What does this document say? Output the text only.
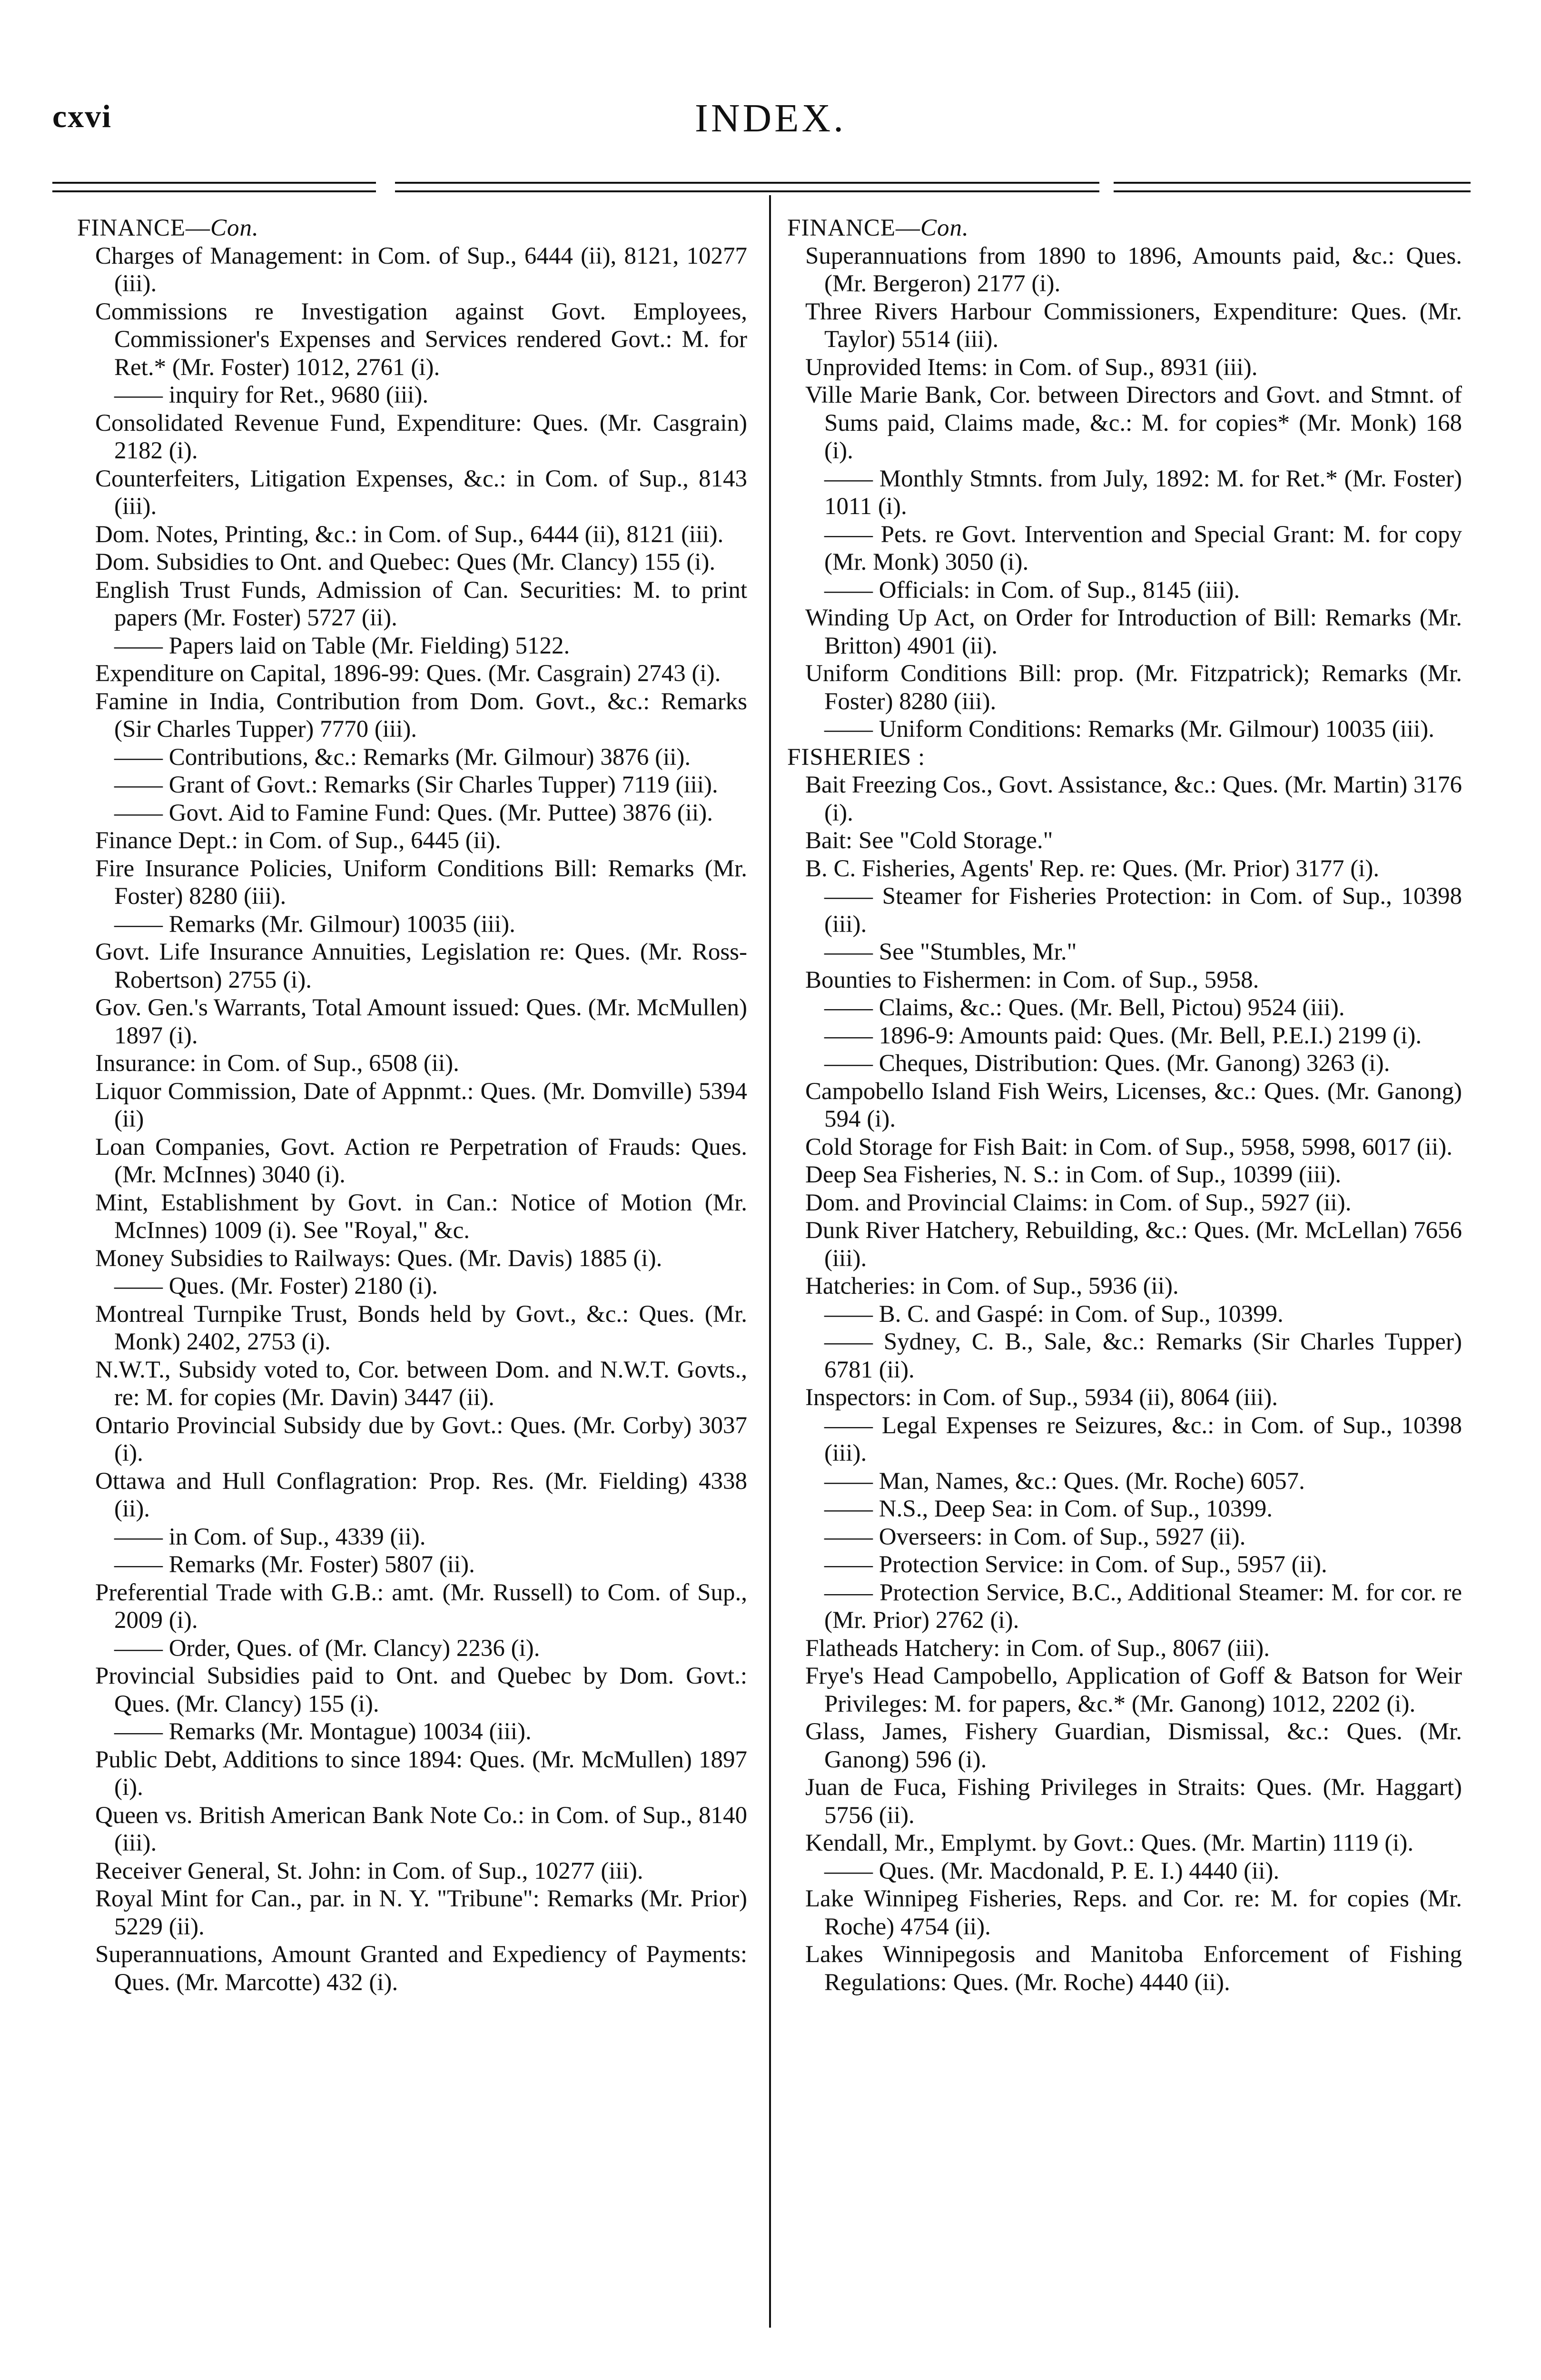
cxvi	INDEX.
FINANCE—Con.
Charges of Management: in Com. of Sup., 6444 (ii), 8121, 10277 (iii).
Commissions re Investigation against Govt. Employees, Commissioner's Expenses and Services rendered Govt.: M. for Ret.* (Mr. Foster) 1012, 2761 (i).
—— inquiry for Ret., 9680 (iii).
Consolidated Revenue Fund, Expenditure: Ques. (Mr. Casgrain) 2182 (i).
Counterfeiters, Litigation Expenses, &c.: in Com. of Sup., 8143 (iii).
Dom. Notes, Printing, &c.: in Com. of Sup., 6444 (ii), 8121 (iii).
Dom. Subsidies to Ont. and Quebec: Ques (Mr. Clancy) 155 (i).
English Trust Funds, Admission of Can. Securities: M. to print papers (Mr. Foster) 5727 (ii).
—— Papers laid on Table (Mr. Fielding) 5122.
Expenditure on Capital, 1896-99: Ques. (Mr. Casgrain) 2743 (i).
Famine in India, Contribution from Dom. Govt., &c.: Remarks (Sir Charles Tupper) 7770 (iii).
—— Contributions, &c.: Remarks (Mr. Gilmour) 3876 (ii).
—— Grant of Govt.: Remarks (Sir Charles Tupper) 7119 (iii).
—— Govt. Aid to Famine Fund: Ques. (Mr. Puttee) 3876 (ii).
Finance Dept.: in Com. of Sup., 6445 (ii).
Fire Insurance Policies, Uniform Conditions Bill: Remarks (Mr. Foster) 8280 (iii).
—— Remarks (Mr. Gilmour) 10035 (iii).
Govt. Life Insurance Annuities, Legislation re: Ques. (Mr. Ross-Robertson) 2755 (i).
Gov. Gen.'s Warrants, Total Amount issued: Ques. (Mr. McMullen) 1897 (i).
Insurance: in Com. of Sup., 6508 (ii).
Liquor Commission, Date of Appnmt.: Ques. (Mr. Domville) 5394 (ii)
Loan Companies, Govt. Action re Perpetration of Frauds: Ques. (Mr. McInnes) 3040 (i).
Mint, Establishment by Govt. in Can.: Notice of Motion (Mr. McInnes) 1009 (i). See "Royal," &c.
Money Subsidies to Railways: Ques. (Mr. Davis) 1885 (i).
—— Ques. (Mr. Foster) 2180 (i).
Montreal Turnpike Trust, Bonds held by Govt., &c.: Ques. (Mr. Monk) 2402, 2753 (i).
N.W.T., Subsidy voted to, Cor. between Dom. and N.W.T. Govts., re: M. for copies (Mr. Davin) 3447 (ii).
Ontario Provincial Subsidy due by Govt.: Ques. (Mr. Corby) 3037 (i).
Ottawa and Hull Conflagration: Prop. Res. (Mr. Fielding) 4338 (ii).
—— in Com. of Sup., 4339 (ii).
—— Remarks (Mr. Foster) 5807 (ii).
Preferential Trade with G.B.: amt. (Mr. Russell) to Com. of Sup., 2009 (i).
—— Order, Ques. of (Mr. Clancy) 2236 (i).
Provincial Subsidies paid to Ont. and Quebec by Dom. Govt.: Ques. (Mr. Clancy) 155 (i).
—— Remarks (Mr. Montague) 10034 (iii).
Public Debt, Additions to since 1894: Ques. (Mr. McMullen) 1897 (i).
Queen vs. British American Bank Note Co.: in Com. of Sup., 8140 (iii).
Receiver General, St. John: in Com. of Sup., 10277 (iii).
Royal Mint for Can., par. in N. Y. "Tribune": Remarks (Mr. Prior) 5229 (ii).
Superannuations, Amount Granted and Expediency of Payments: Ques. (Mr. Marcotte) 432 (i).
FINANCE—Con.
Superannuations from 1890 to 1896, Amounts paid, &c.: Ques. (Mr. Bergeron) 2177 (i).
Three Rivers Harbour Commissioners, Expenditure: Ques. (Mr. Taylor) 5514 (iii).
Unprovided Items: in Com. of Sup., 8931 (iii).
Ville Marie Bank, Cor. between Directors and Govt. and Stmnt. of Sums paid, Claims made, &c.: M. for copies* (Mr. Monk) 168 (i).
—— Monthly Stmnts. from July, 1892: M. for Ret.* (Mr. Foster) 1011 (i).
—— Pets. re Govt. Intervention and Special Grant: M. for copy (Mr. Monk) 3050 (i).
—— Officials: in Com. of Sup., 8145 (iii).
Winding Up Act, on Order for Introduction of Bill: Remarks (Mr. Britton) 4901 (ii).
Uniform Conditions Bill: prop. (Mr. Fitzpatrick); Remarks (Mr. Foster) 8280 (iii).
—— Uniform Conditions: Remarks (Mr. Gilmour) 10035 (iii).
FISHERIES :
Bait Freezing Cos., Govt. Assistance, &c.: Ques. (Mr. Martin) 3176 (i).
Bait: See "Cold Storage."
B. C. Fisheries, Agents' Rep. re: Ques. (Mr. Prior) 3177 (i).
—— Steamer for Fisheries Protection: in Com. of Sup., 10398 (iii).
—— See "Stumbles, Mr."
Bounties to Fishermen: in Com. of Sup., 5958.
—— Claims, &c.: Ques. (Mr. Bell, Pictou) 9524 (iii).
—— 1896-9: Amounts paid: Ques. (Mr. Bell, P.E.I.) 2199 (i).
—— Cheques, Distribution: Ques. (Mr. Ganong) 3263 (i).
Campobello Island Fish Weirs, Licenses, &c.: Ques. (Mr. Ganong) 594 (i).
Cold Storage for Fish Bait: in Com. of Sup., 5958, 5998, 6017 (ii).
Deep Sea Fisheries, N. S.: in Com. of Sup., 10399 (iii).
Dom. and Provincial Claims: in Com. of Sup., 5927 (ii).
Dunk River Hatchery, Rebuilding, &c.: Ques. (Mr. McLellan) 7656 (iii).
Hatcheries: in Com. of Sup., 5936 (ii).
—— B. C. and Gaspé: in Com. of Sup., 10399.
—— Sydney, C. B., Sale, &c.: Remarks (Sir Charles Tupper) 6781 (ii).
Inspectors: in Com. of Sup., 5934 (ii), 8064 (iii).
—— Legal Expenses re Seizures, &c.: in Com. of Sup., 10398 (iii).
—— Man, Names, &c.: Ques. (Mr. Roche) 6057.
—— N.S., Deep Sea: in Com. of Sup., 10399.
—— Overseers: in Com. of Sup., 5927 (ii).
—— Protection Service: in Com. of Sup., 5957 (ii).
—— Protection Service, B.C., Additional Steamer: M. for cor. re (Mr. Prior) 2762 (i).
Flatheads Hatchery: in Com. of Sup., 8067 (iii).
Frye's Head Campobello, Application of Goff & Batson for Weir Privileges: M. for papers, &c.* (Mr. Ganong) 1012, 2202 (i).
Glass, James, Fishery Guardian, Dismissal, &c.: Ques. (Mr. Ganong) 596 (i).
Juan de Fuca, Fishing Privileges in Straits: Ques. (Mr. Haggart) 5756 (ii).
Kendall, Mr., Emplymt. by Govt.: Ques. (Mr. Martin) 1119 (i).
—— Ques. (Mr. Macdonald, P. E. I.) 4440 (ii).
Lake Winnipeg Fisheries, Reps. and Cor. re: M. for copies (Mr. Roche) 4754 (ii).
Lakes Winnipegosis and Manitoba Enforcement of Fishing Regulations: Ques. (Mr. Roche) 4440 (ii).
